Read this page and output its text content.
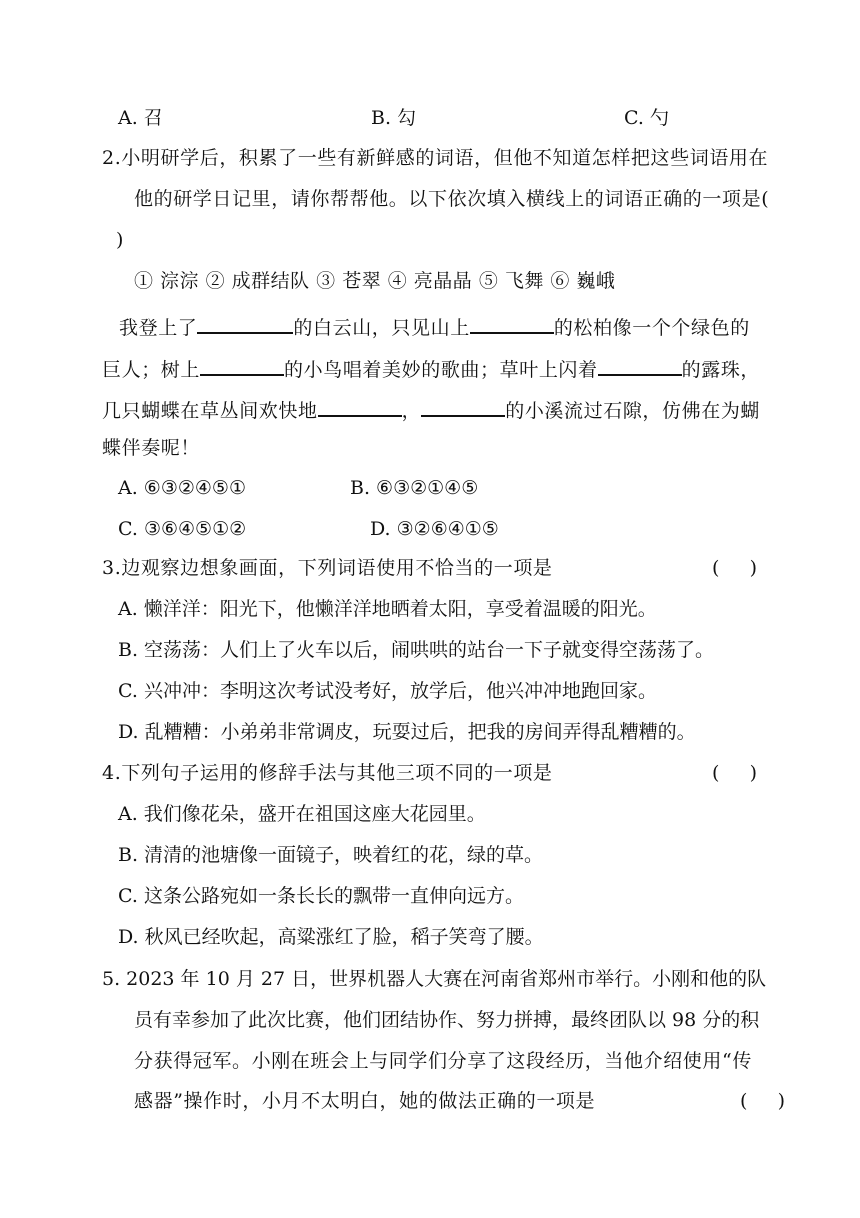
A. 召	B. 勾	C. 勺
2.小明研学后，积累了一些有新鲜感的词语，但他不知道怎样把这些词语用在
他的研学日记里，请你帮帮他。以下依次填入横线上的词语正确的一项是(
)
① 淙淙 ② 成群结队 ③ 苍翠 ④ 亮晶晶 ⑤ 飞舞 ⑥ 巍峨
我登上了	的白云山，只见山上	的松柏像一个个绿色的
巨人；树上	的小鸟唱着美妙的歌曲；草叶上闪着	的露珠，
几只蝴蝶在草丛间欢快地	，	的小溪流过石隙，仿佛在为蝴
蝶伴奏呢！
A. ⑥③②④⑤①	B. ⑥③②①④⑤
C. ③⑥④⑤①②	D. ③②⑥④①⑤
3.边观察边想象画面，下列词语使用不恰当的一项是	(     )
A. 懒洋洋：阳光下，他懒洋洋地晒着太阳，享受着温暖的阳光。
B. 空荡荡：人们上了火车以后，闹哄哄的站台一下子就变得空荡荡了。
C. 兴冲冲：李明这次考试没考好，放学后，他兴冲冲地跑回家。
D. 乱糟糟：小弟弟非常调皮，玩耍过后，把我的房间弄得乱糟糟的。
4.下列句子运用的修辞手法与其他三项不同的一项是	(     )
A. 我们像花朵，盛开在祖国这座大花园里。
B. 清清的池塘像一面镜子，映着红的花，绿的草。
C. 这条公路宛如一条长长的飘带一直伸向远方。
D. 秋风已经吹起，高粱涨红了脸，稻子笑弯了腰。
5. 2023 年 10 月 27 日，世界机器人大赛在河南省郑州市举行。小刚和他的队
员有幸参加了此次比赛，他们团结协作、努力拼搏，最终团队以 98 分的积
分获得冠军。小刚在班会上与同学们分享了这段经历，当他介绍使用“传
感器”操作时，小月不太明白，她的做法正确的一项是	(     )
